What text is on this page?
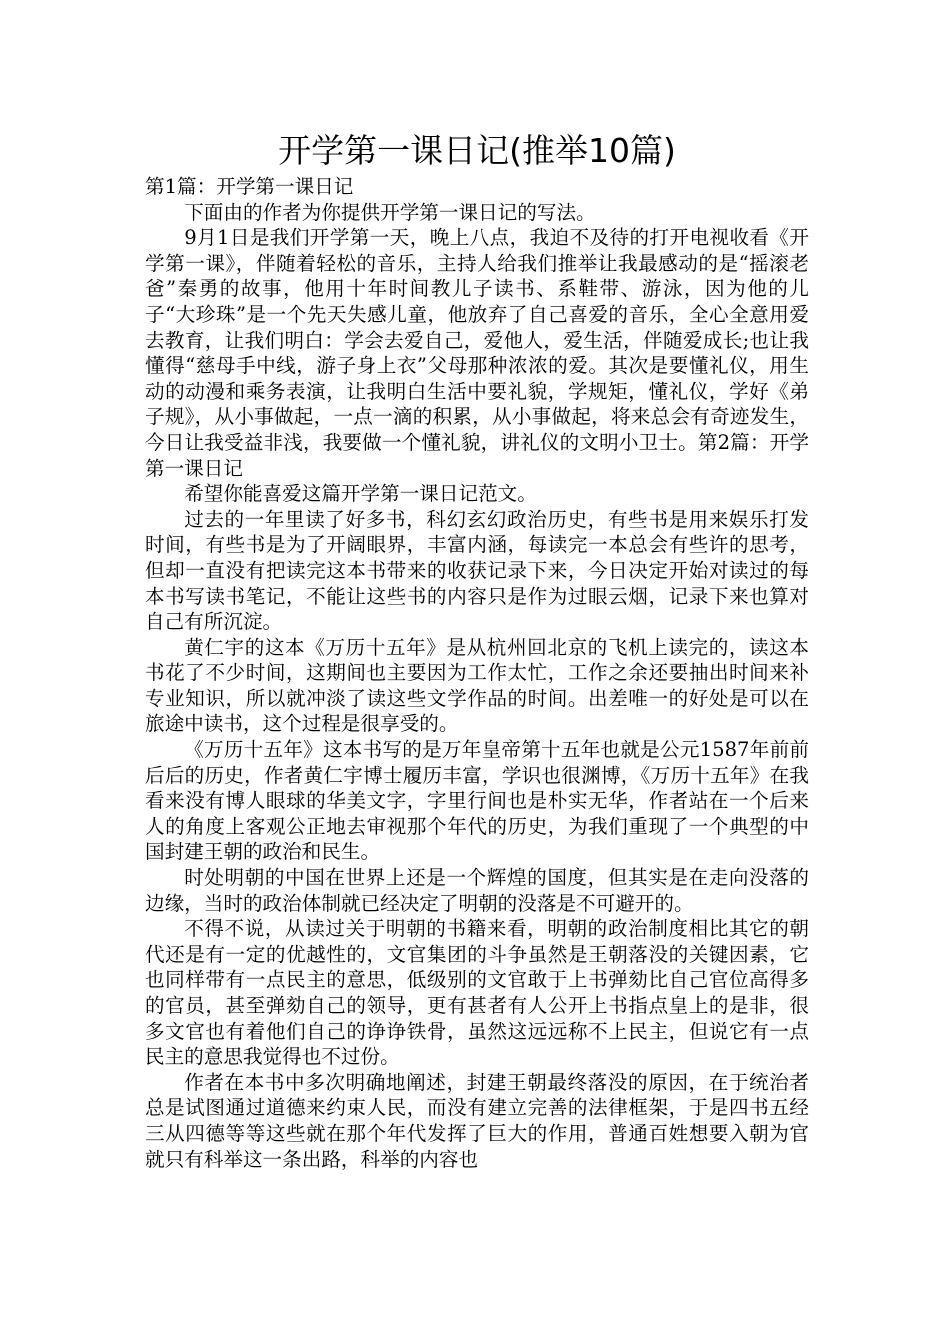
开学第一课日记(推举10篇)

第1篇：开学第一课日记

下面由的作者为你提供开学第一课日记的写法。

9月1日是我们开学第一天，晚上八点，我迫不及待的打开电视收看《开学第一课》，伴随着轻松的音乐，主持人给我们推举让我最感动的是“摇滚老爸”秦勇的故事，他用十年时间教儿子读书、系鞋带、游泳，因为他的儿子“大珍珠”是一个先天失感儿童，他放弃了自己喜爱的音乐，全心全意用爱去教育，让我们明白：学会去爱自己，爱他人，爱生活，伴随爱成长;也让我懂得“慈母手中线，游子身上衣”父母那种浓浓的爱。其次是要懂礼仪，用生动的动漫和乘务表演，让我明白生活中要礼貌，学规矩，懂礼仪，学好《弟子规》，从小事做起，一点一滴的积累，从小事做起，将来总会有奇迹发生，今日让我受益非浅，我要做一个懂礼貌，讲礼仪的文明小卫士。第2篇：开学第一课日记

希望你能喜爱这篇开学第一课日记范文。

过去的一年里读了好多书，科幻玄幻政治历史，有些书是用来娱乐打发时间，有些书是为了开阔眼界，丰富内涵，每读完一本总会有些许的思考，但却一直没有把读完这本书带来的收获记录下来，今日决定开始对读过的每本书写读书笔记，不能让这些书的内容只是作为过眼云烟，记录下来也算对自己有所沉淀。

黄仁宇的这本《万历十五年》是从杭州回北京的飞机上读完的，读这本书花了不少时间，这期间也主要因为工作太忙，工作之余还要抽出时间来补专业知识，所以就冲淡了读这些文学作品的时间。出差唯一的好处是可以在旅途中读书，这个过程是很享受的。

《万历十五年》这本书写的是万年皇帝第十五年也就是公元1587年前前后后的历史，作者黄仁宇博士履历丰富，学识也很渊博，《万历十五年》在我看来没有博人眼球的华美文字，字里行间也是朴实无华，作者站在一个后来人的角度上客观公正地去审视那个年代的历史，为我们重现了一个典型的中国封建王朝的政治和民生。

时处明朝的中国在世界上还是一个辉煌的国度，但其实是在走向没落的边缘，当时的政治体制就已经决定了明朝的没落是不可避开的。

不得不说，从读过关于明朝的书籍来看，明朝的政治制度相比其它的朝代还是有一定的优越性的，文官集团的斗争虽然是王朝落没的关键因素，它也同样带有一点民主的意思，低级别的文官敢于上书弹劾比自己官位高得多的官员，甚至弹劾自己的领导，更有甚者有人公开上书指点皇上的是非，很多文官也有着他们自己的诤诤铁骨，虽然这远远称不上民主，但说它有一点民主的意思我觉得也不过份。

作者在本书中多次明确地阐述，封建王朝最终落没的原因，在于统治者总是试图通过道德来约束人民，而没有建立完善的法律框架，于是四书五经三从四德等等这些就在那个年代发挥了巨大的作用，普通百姓想要入朝为官就只有科举这一条出路，科举的内容也
